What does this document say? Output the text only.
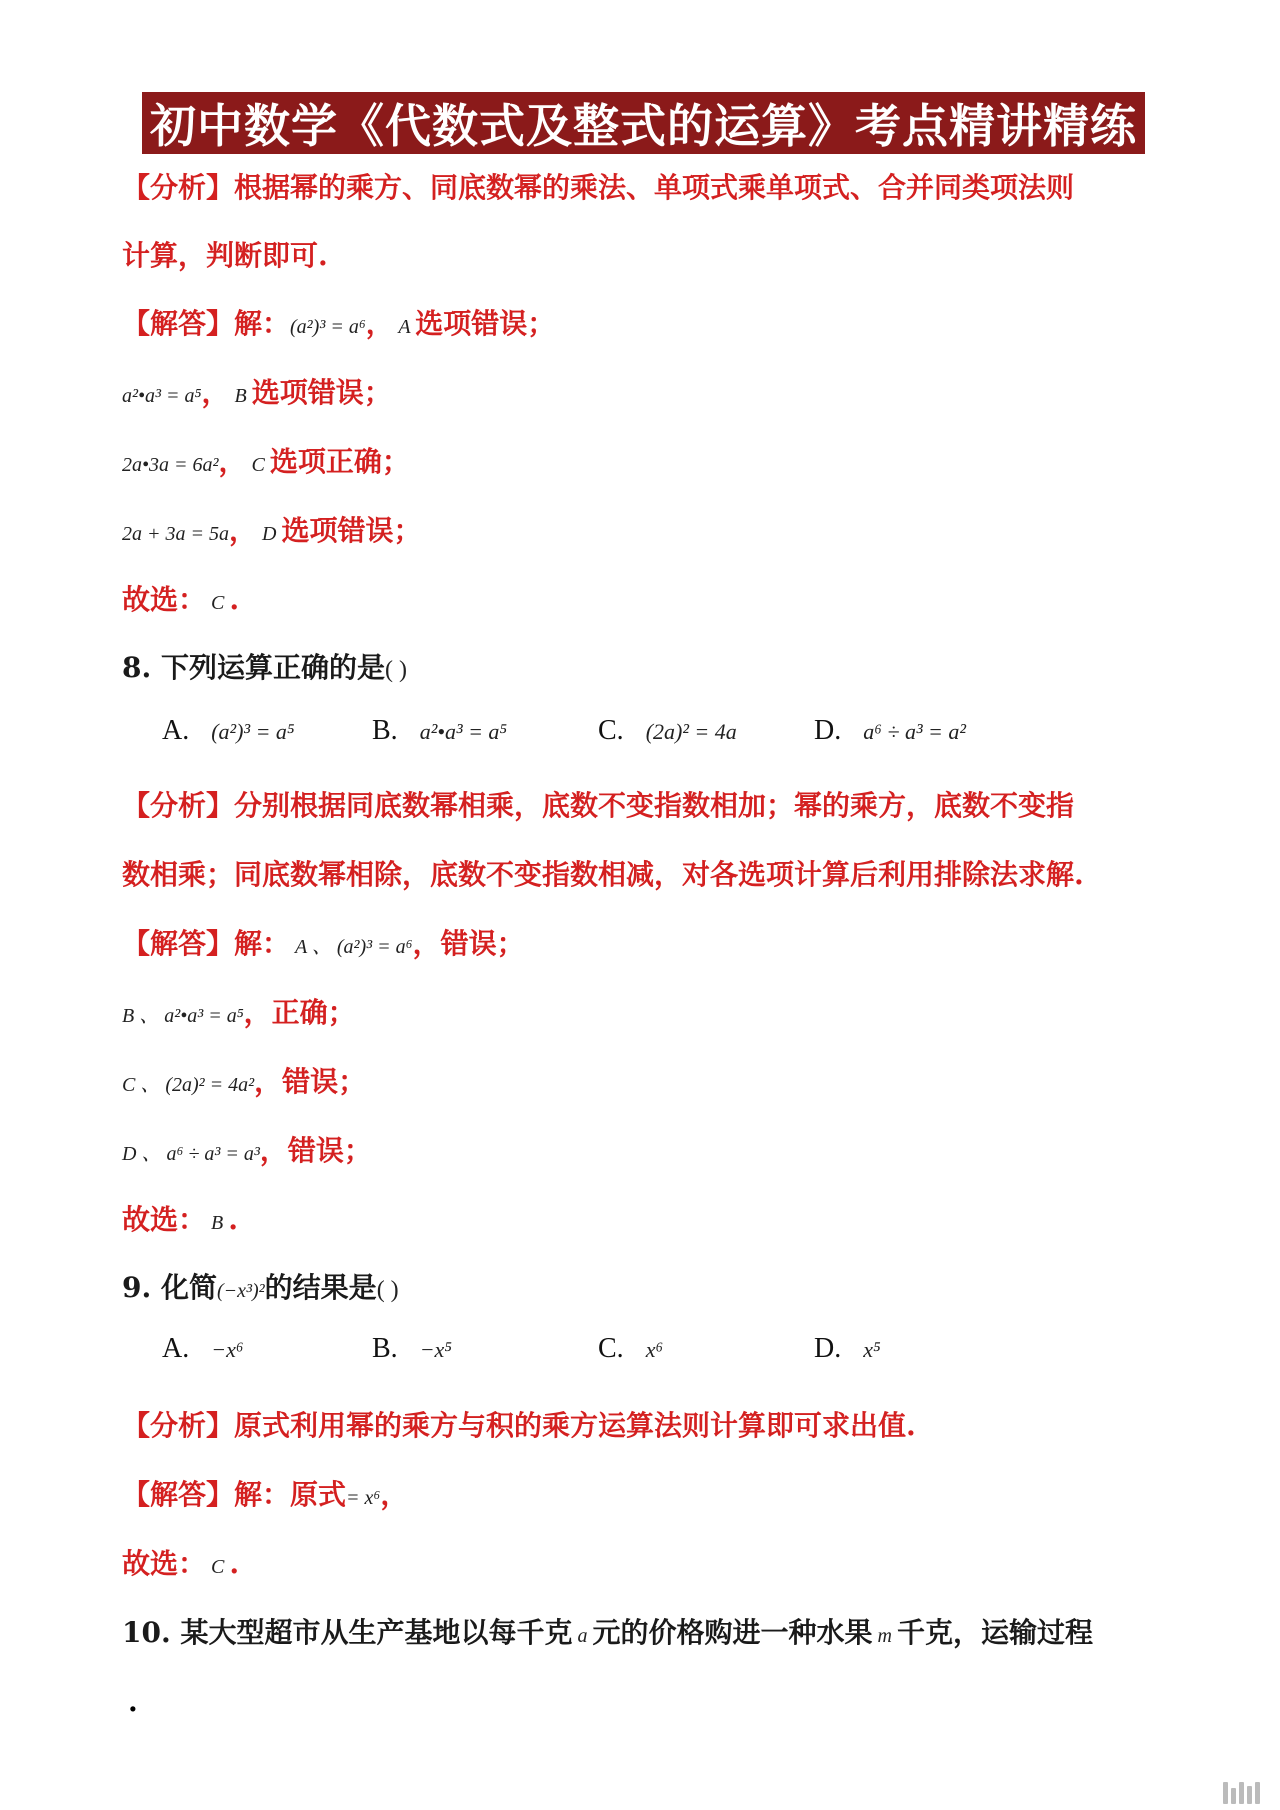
初中数学《代数式及整式的运算》考点精讲精练
【分析】根据幂的乘方、同底数幂的乘法、单项式乘单项式、合并同类项法则
计算，判断即可.
【解答】解：(a²)³ = a⁶， A 选项错误；
a²•a³ = a⁵， B 选项错误；
2a•3a = 6a²， C 选项正确；
2a + 3a = 5a， D 选项错误；
故选： C .
8. 下列运算正确的是( )
【分析】分别根据同底数幂相乘，底数不变指数相加；幂的乘方，底数不变指
数相乘；同底数幂相除，底数不变指数相减，对各选项计算后利用排除法求解.
【解答】解： A 、 (a²)³ = a⁶，错误；
B 、 a²•a³ = a⁵，正确；
C 、 (2a)² = 4a²，错误；
D 、 a⁶ ÷ a³ = a³，错误；
故选： B .
9. 化简(−x³)²的结果是( )
【分析】原式利用幂的乘方与积的乘方运算法则计算即可求出值.
【解答】解：原式= x⁶，
故选： C .
10. 某大型超市从生产基地以每千克 a 元的价格购进一种水果 m 千克，运输过程
A. (a²)³ = a⁵	B. a²•a³ = a⁵	C. (2a)² = 4a	D. a⁶ ÷ a³ = a²
A. −x⁶	B. −x⁵	C. x⁶	D. x⁵
.
